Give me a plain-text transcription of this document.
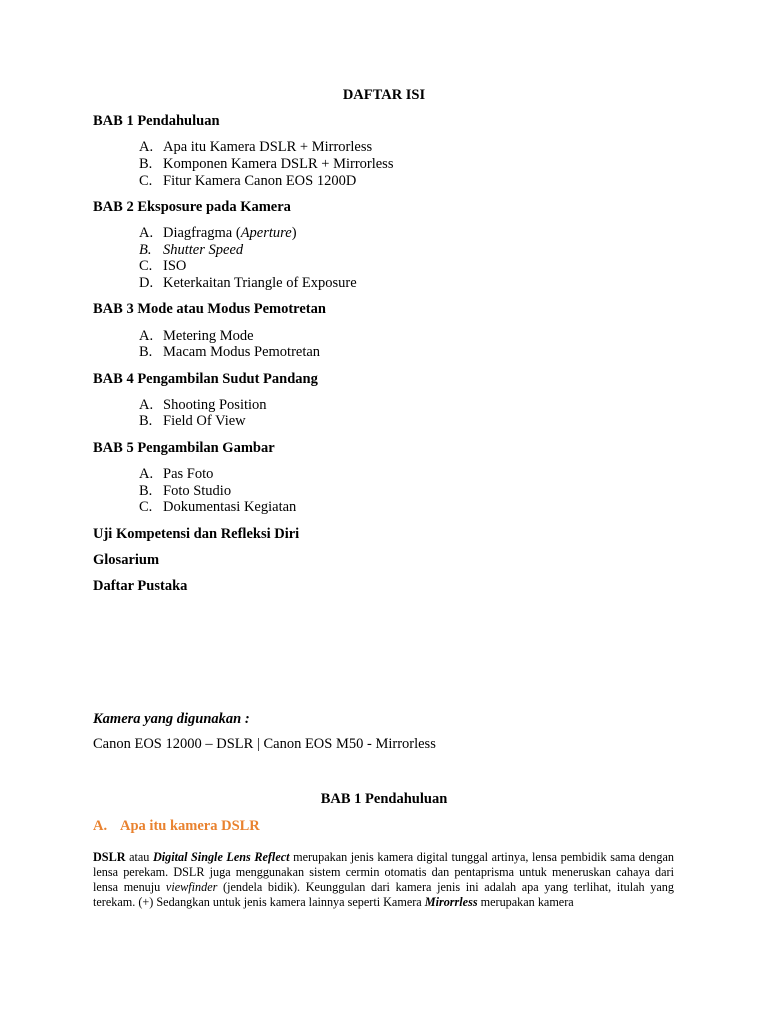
DAFTAR ISI
BAB 1 Pendahuluan
A. Apa itu Kamera DSLR + Mirrorless
B. Komponen Kamera DSLR + Mirrorless
C. Fitur Kamera Canon EOS 1200D
BAB 2 Eksposure pada Kamera
A. Diagfragma (Aperture)
B. Shutter Speed
C. ISO
D. Keterkaitan Triangle of Exposure
BAB 3 Mode atau Modus Pemotretan
A. Metering Mode
B. Macam Modus Pemotretan
BAB 4 Pengambilan Sudut Pandang
A. Shooting Position
B. Field Of View
BAB 5 Pengambilan Gambar
A. Pas Foto
B. Foto Studio
C. Dokumentasi Kegiatan
Uji Kompetensi dan Refleksi Diri
Glosarium
Daftar Pustaka
Kamera yang digunakan :
Canon EOS 12000 – DSLR | Canon EOS M50 - Mirrorless
BAB 1 Pendahuluan
A. Apa itu kamera DSLR
DSLR atau Digital Single Lens Reflect merupakan jenis kamera digital tunggal artinya, lensa pembidik sama dengan lensa perekam. DSLR juga menggunakan sistem cermin otomatis dan pentaprisma untuk meneruskan cahaya dari lensa menuju viewfinder (jendela bidik). Keunggulan dari kamera jenis ini adalah apa yang terlihat, itulah yang terekam. (+) Sedangkan untuk jenis kamera lainnya seperti Kamera Mirorrless merupakan kamera
